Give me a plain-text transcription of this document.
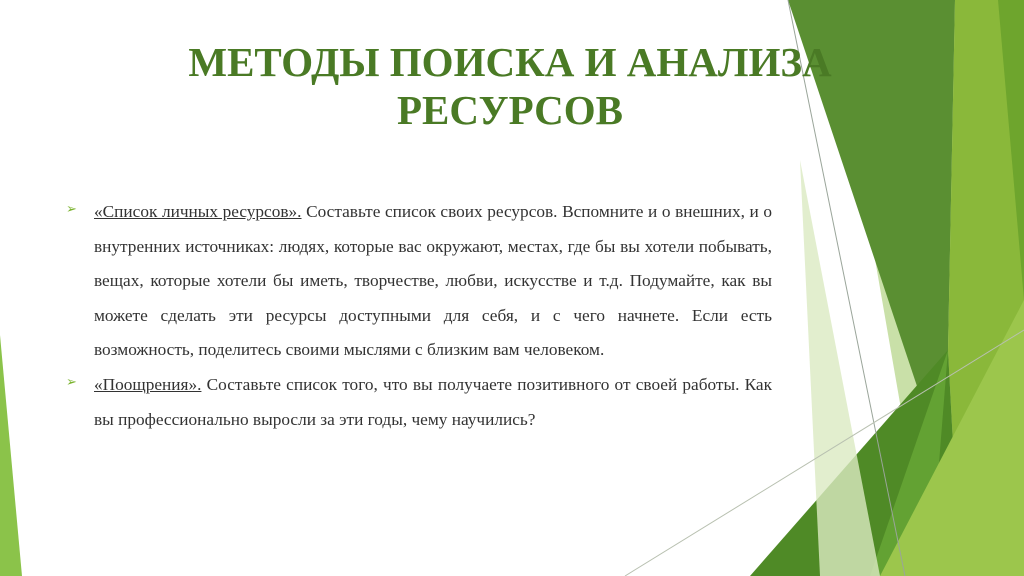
МЕТОДЫ ПОИСКА И АНАЛИЗА
РЕСУРСОВ

➢ «Список личных ресурсов». Составьте список своих ресурсов. Вспомните и о внешних, и о внутренних источниках: людях, которые вас окружают, местах, где бы вы хотели побывать, вещах, которые хотели бы иметь, творчестве, любви, искусстве и т.д. Подумайте, как вы можете сделать эти ресурсы доступными для себя, и с чего начнете. Если есть возможность, поделитесь своими мыслями с близким вам человеком.

➢ «Поощрения». Составьте список того, что вы получаете позитивного от своей работы. Как вы профессионально выросли за эти годы, чему научились?
